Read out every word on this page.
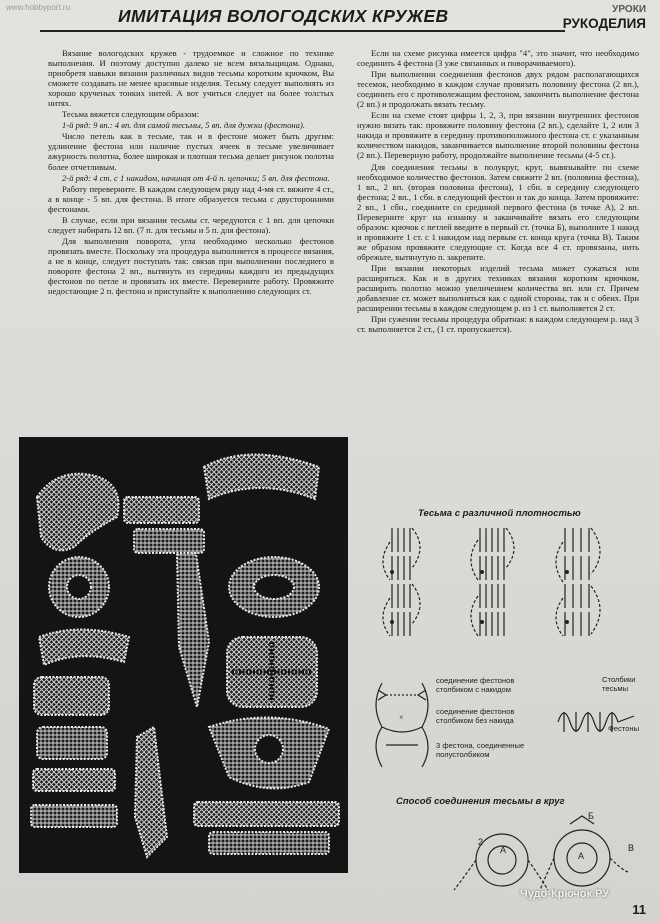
www.hobbyport.ru	ИМИТАЦИЯ ВОЛОГОДСКИХ КРУЖЕВ	УРОКИ
РУКОДЕЛИЯ

Вязание вологодских кружев - трудоемкое и сложное по технике выполнения. И поэтому доступно далеко не всем вязальщицам. Однако, приобретя навыки вязания различных видов тесьмы коротким крючком, Вы сможете создавать не менее красивые изделия. Тесьму следует выполнять из хорошо крученых тонких нитей. А вот учиться следует на более толстых нитях.

Тесьма вяжется следующим образом:

1-й ряд: 9 вп.: 4 вп. для самой тесьмы, 5 вп. для дужки (фестона).

Число петель как в тесьме, так и в фестоне может быть другим: удлинение фестона или наличие пустых ячеек в тесьме увеличивает ажурность полотна, более широкая и плотная тесьма делает рисунок полотна более отчетливым.

2-й ряд: 4 ст. с 1 накидом, начиная от 4-й п. цепочки; 5 вп. для фестона.

Работу переверните. В каждом следующем ряду над 4-мя ст. вяжите 4 ст., а в конце - 5 вп. для фестона. В итоге образуется тесьма с двусторонними фестонами.

В случае, если при вязании тесьмы ст. чередуются с 1 вп. для цепочки следует набирать 12 вп. (7 п. для тесьмы и 5 п. для фестона).

Для выполнения поворота, угла необходимо несколько фестонов провязать вместе. Поскольку эта процедура выполняется в процессе вязания, а не в конце, следует поступать так: связав при выполнении последнего в повороте фестона 2 вп., вытянуть из середины каждого из предыдущих фестонов по петле и провязать их вместе. Переверните работу. Провяжите недостающие 2 п. фестона и приступайте к выполнению следующих ст.

Если на схеме рисунка имеется цифра "4", это значит, что необходимо соединить 4 фестона (3 уже связанных и поворачиваемого).

При выполнении соединения фестонов двух рядом располагающихся тесемок, необходимо в каждом случае провязать половину фестона (2 вп.), соединить его с противолежащим фестоном, закончить выполнение фестона (2 вп.) и продолжать вязать тесьму.

Если на схеме стоят цифры 1, 2, 3, при вязании внутренних фестонов нужно вязать так: провяжите половину фестона (2 вп.), сделайте 1, 2 или 3 накида и провяжите в середину противоположного фестона ст. с указанным количеством накидов, заканчивается выполнение второй половины фестона (2 вп.). Переверную работу, продолжайте выполнение тесьмы (4-5 ст.).

Для соединения тесьмы в полукруг, круг, вывязывайте по схеме необходимое количество фестонов. Затем свяжите 2 вп. (половина фестона), 1 вп., 2 вп. (вторая половина фестона), 1 сбн. в середину следующего фестона; 2 вп., 1 сбн. в следующий фестон и так до конца. Затем провяжите: 2 вп., 1 сбн., соедините со срединой первого фестона (в точке А), 2 вп. Переверните круг на изнанку и заканчивайте вязать его следующим образом: крючок с петлей введите в первый ст. (точка Б), выполните 1 накид и провяжите 1 ст. с 1 накидом над первым ст. конца круга (точка В). Таким же образом провяжите следующие ст. Когда все 4 ст. провязаны, нить обрежьте, вытянутую п. закрепите.

При вязании некоторых изделий тесьма может сужаться или расширяться. Как и в других техниках вязания коротким крючком, расширить полотно можно увеличением количества вп. или ст. Причем добавление ст. может выполняться как с одной стороны, так и с обеих. При расширении тесьмы в каждом следующем р. из 1 ст. выполняется 2 ст.

При сужении тесьмы процедура обратная: в каждом следующем р. над 3 ст. выполняется 2 ст., (1 ст. пропускается).

Тесьма с различной плотностью
×
соединение фестонов столбиком с накидом
соединение фестонов столбиком без накида
3 фестона, соединенные полустолбиком
Столбики тесьмы
Фестоны
Способ соединения тесьмы в круг
А
2
А
Б
В
Чудо-Крючок.РУ
11
